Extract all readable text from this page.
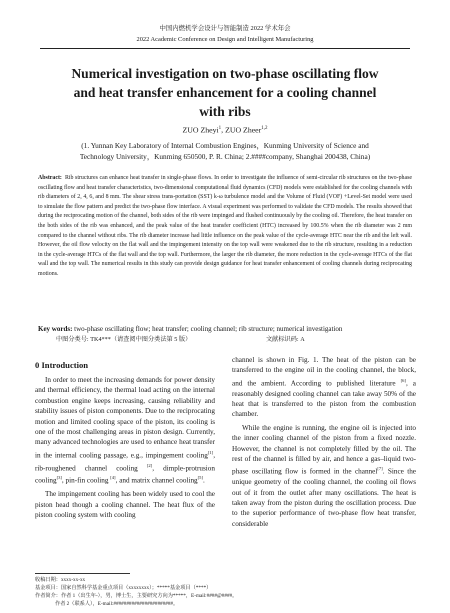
中国内燃机学会设计与智能制造 2022 学术年会
2022 Academic Conference on Design and Intelligent Manufacturing
Numerical investigation on two-phase oscillating flow
and heat transfer enhancement for a cooling channel
with ribs
ZUO Zheyi$^1$, ZUO Zheer$^{1,2}$
(1. Yunnan Key Laboratory of Internal Combustion Engines，Kunming University of Science and
Technology University，Kunming 650500, P. R. China; 2.####company, Shanghai 200438, China)
Abstract: Rib structures can enhance heat transfer in single-phase flows. In order to investigate the influence of semi-circular rib structures on the two-phase oscillating flow and heat transfer characteristics, two-dimensional computational fluid dynamics (CFD) models were established for the cooling channels with rib diameters of 2, 4, 6, and 8 mm. The shear stress trans-portation (SST) k-ω turbulence model and the Volume of Fluid (VOF) +Level-Set model were used to simulate the flow pattern and predict the two-phase flow interface. A visual experiment was performed to validate the CFD models. The results showed that during the reciprocating motion of the channel, both sides of the rib were impinged and flushed continuously by the cooling oil. Therefore, the heat transfer on the both sides of the rib was enhanced, and the peak value of the heat transfer coefficient (HTC) increased by 100.5% when the rib diameter was 2 mm compared to the channel without ribs. The rib diameter increase had little influence on the peak value of the cycle-average HTC near the rib and the left wall. However, the oil flow velocity on the flat wall and the impingement intensity on the top wall were weakened due to the rib structure, resulting in a reduction in the cycle-average HTCs of the flat wall and the top wall. Furthermore, the larger the rib diameter, the more reduction in the cycle-average HTCs of the flat wall and the top wall. The numerical results in this study can provide design guidance for heat transfer enhancement of cooling channels during reciprocating motions.
Key words: two-phase oscillating flow; heat transfer; cooling channel; rib structure; numerical investigation
中图分类号: TK4***（请查阅中图分类法第 5 版）	文献标识码: A
0 Introduction

In order to meet the increasing demands for power density and thermal efficiency, the thermal load acting on the internal combustion engine keeps increasing, causing reliability and stability issues of piston components. Due to the reciprocating motion and limited cooling space of the piston, its cooling is one of the most challenging areas in piston design. Currently, many advanced technologies are used to enhance heat transfer in the internal cooling passage, e.g., impingement cooling[1], rib-roughened channel cooling [2], dimple-protrusion cooling[3], pin-fin cooling [4], and matrix channel cooling[5].

The impingement cooling has been widely used to cool the piston head though a cooling channel. The heat flux of the piston cooling system with cooling

channel is shown in Fig. 1. The heat of the piston can be transferred to the engine oil in the cooling channel, the block, and the ambient. According to published literature [6], a reasonably designed cooling channel can take away 50% of the heat that is transferred to the piston from the combustion chamber.

While the engine is running, the engine oil is injected into the inner cooling channel of the piston from a fixed nozzle. However, the channel is not completely filled by the oil. The rest of the channel is filled by air, and hence a gas–liquid two-phase oscillating flow is formed in the channel[7]. Since the unique geometry of the cooling channel, the cooling oil flows out of it from the outlet after many oscillations. The heat is taken away from the piston during the oscillation process. Due to the superior performance of two-phase flow heat transfer, considerable

收稿日期：xxxx-xx-xx
基金项目：国家自然科学基金重点项目（xxxxxxxx）；*****基金项目（****）
作者简介：作者 1（出生年-），男，博士生，主要研究方向为*****，E-mail:####@####。
作者 2（联系人），E-mail:#######################。
